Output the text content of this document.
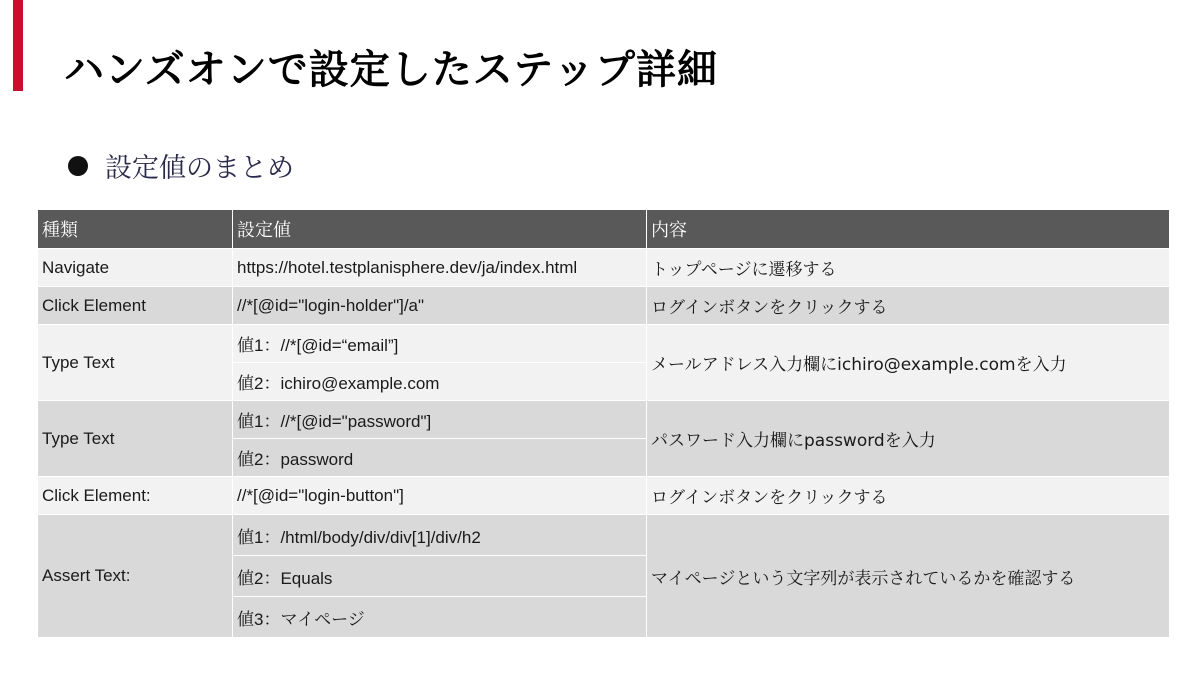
ハンズオンで設定したステップ詳細
設定値のまとめ
種類	設定値	内容
Navigate	https://hotel.testplanisphere.dev/ja/index.html	トップページに遷移する
Click Element	//*[@id="login-holder"]/a"	ログインボタンをクリックする
Type Text	値1：//*[@id=“email”]	メールアドレス入力欄にichiro@example.comを入力
	値2：ichiro@example.com	
Type Text	値1：//*[@id="password"]	パスワード入力欄にpasswordを入力
	値2：password	
Click Element:	//*[@id="login-button"]	ログインボタンをクリックする
Assert Text:	値1：/html/body/div/div[1]/div/h2	マイページという文字列が表示されているかを確認する
	値2：Equals	
	値3：マイページ	
